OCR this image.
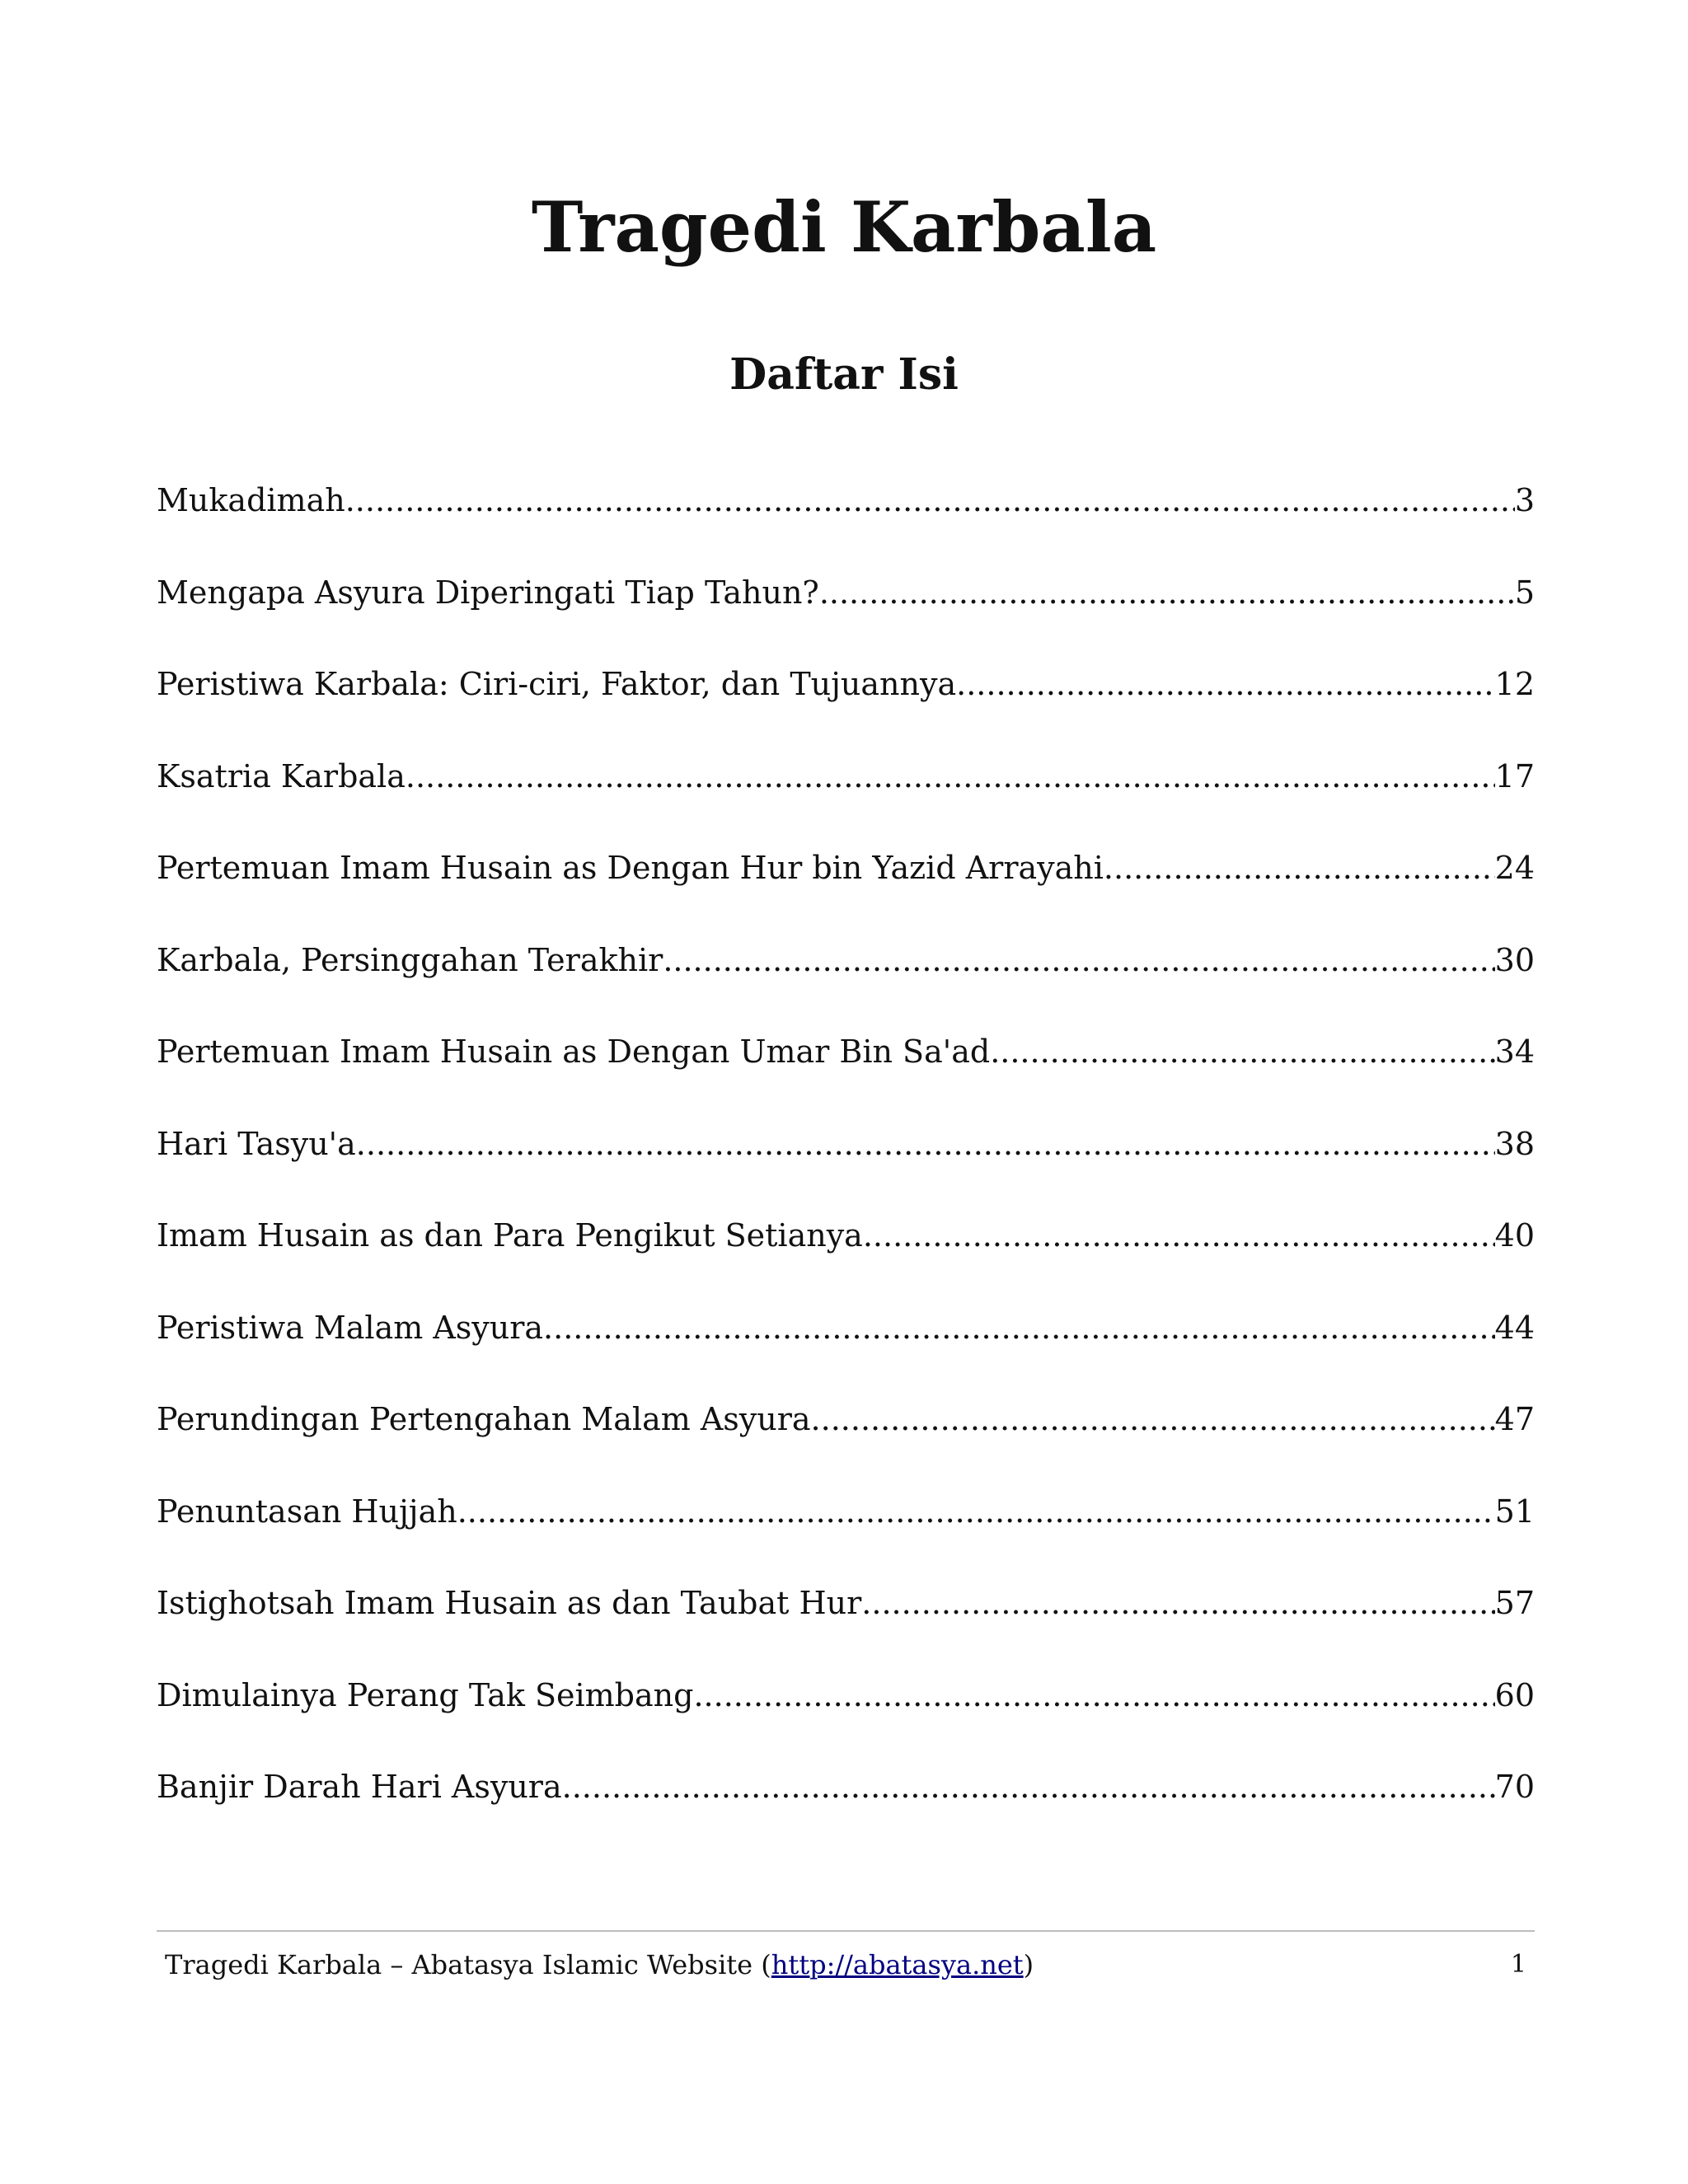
Tragedi Karbala
Daftar Isi
Mukadimah .....	3
Mengapa Asyura Diperingati Tiap Tahun? .....	5
Peristiwa Karbala: Ciri-ciri, Faktor, dan Tujuannya .....	12
Ksatria Karbala .....	17
Pertemuan Imam Husain as Dengan Hur bin Yazid Arrayahi .....	24
Karbala, Persinggahan Terakhir .....	30
Pertemuan Imam Husain as Dengan Umar Bin Sa'ad .....	34
Hari Tasyu'a .....	38
Imam Husain as dan Para Pengikut Setianya .....	40
Peristiwa Malam Asyura .....	44
Perundingan Pertengahan Malam Asyura .....	47
Penuntasan Hujjah .....	51
Istighotsah Imam Husain as dan Taubat Hur .....	57
Dimulainya Perang Tak Seimbang .....	60
Banjir Darah Hari Asyura .....	70
Tragedi Karbala – Abatasya Islamic Website (http://abatasya.net)	1
